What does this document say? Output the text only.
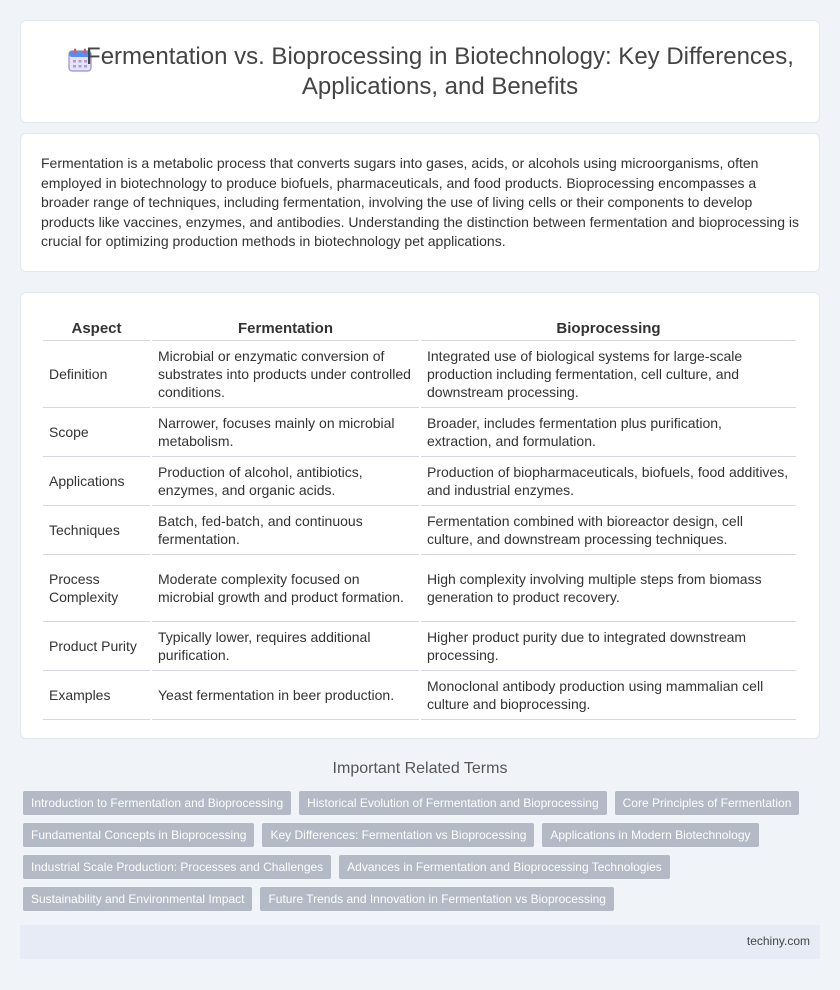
Fermentation vs. Bioprocessing in Biotechnology: Key Differences, Applications, and Benefits

Fermentation is a metabolic process that converts sugars into gases, acids, or alcohols using microorganisms, often employed in biotechnology to produce biofuels, pharmaceuticals, and food products. Bioprocessing encompasses a broader range of techniques, including fermentation, involving the use of living cells or their components to develop products like vaccines, enzymes, and antibodies. Understanding the distinction between fermentation and bioprocessing is crucial for optimizing production methods in biotechnology pet applications.

Aspect	Fermentation	Bioprocessing
Definition	Microbial or enzymatic conversion of substrates into products under controlled conditions.	Integrated use of biological systems for large-scale production including fermentation, cell culture, and downstream processing.
Scope	Narrower, focuses mainly on microbial metabolism.	Broader, includes fermentation plus purification, extraction, and formulation.
Applications	Production of alcohol, antibiotics, enzymes, and organic acids.	Production of biopharmaceuticals, biofuels, food additives, and industrial enzymes.
Techniques	Batch, fed-batch, and continuous fermentation.	Fermentation combined with bioreactor design, cell culture, and downstream processing techniques.
Process Complexity	Moderate complexity focused on microbial growth and product formation.	High complexity involving multiple steps from biomass generation to product recovery.
Product Purity	Typically lower, requires additional purification.	Higher product purity due to integrated downstream processing.
Examples	Yeast fermentation in beer production.	Monoclonal antibody production using mammalian cell culture and bioprocessing.
Important Related Terms
Introduction to Fermentation and Bioprocessing	Historical Evolution of Fermentation and Bioprocessing	Core Principles of Fermentation
Fundamental Concepts in Bioprocessing	Key Differences: Fermentation vs Bioprocessing	Applications in Modern Biotechnology
Industrial Scale Production: Processes and Challenges	Advances in Fermentation and Bioprocessing Technologies
Sustainability and Environmental Impact	Future Trends and Innovation in Fermentation vs Bioprocessing
techiny.com
